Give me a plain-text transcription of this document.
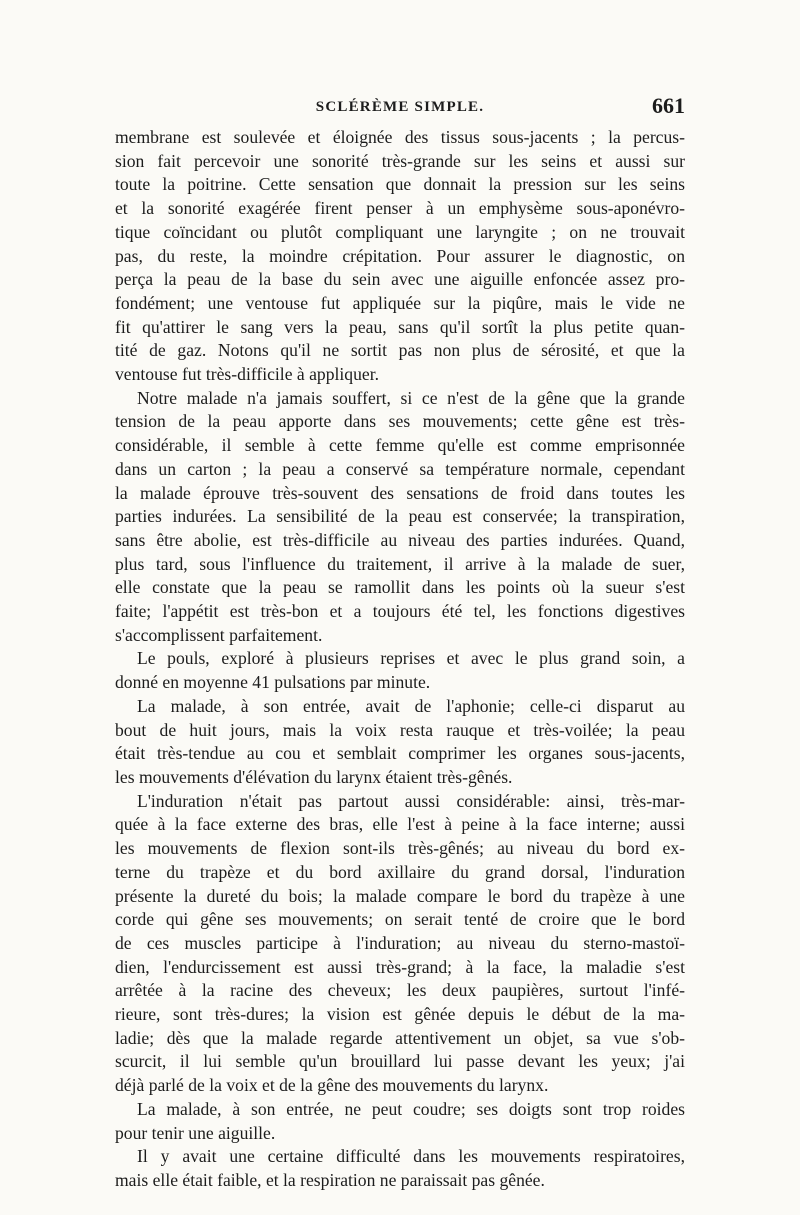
SCLÉRÈME SIMPLE.	661
membrane est soulevée et éloignée des tissus sous-jacents ; la percus-
sion fait percevoir une sonorité très-grande sur les seins et aussi sur
toute la poitrine. Cette sensation que donnait la pression sur les seins
et la sonorité exagérée firent penser à un emphysème sous-aponévro-
tique coïncidant ou plutôt compliquant une laryngite ; on ne trouvait
pas, du reste, la moindre crépitation. Pour assurer le diagnostic, on
perça la peau de la base du sein avec une aiguille enfoncée assez pro-
fondément; une ventouse fut appliquée sur la piqûre, mais le vide ne
fit qu'attirer le sang vers la peau, sans qu'il sortît la plus petite quan-
tité de gaz. Notons qu'il ne sortit pas non plus de sérosité, et que la
ventouse fut très-difficile à appliquer.
Notre malade n'a jamais souffert, si ce n'est de la gêne que la grande
tension de la peau apporte dans ses mouvements; cette gêne est très-
considérable, il semble à cette femme qu'elle est comme emprisonnée
dans un carton ; la peau a conservé sa température normale, cependant
la malade éprouve très-souvent des sensations de froid dans toutes les
parties indurées. La sensibilité de la peau est conservée; la transpiration,
sans être abolie, est très-difficile au niveau des parties indurées. Quand,
plus tard, sous l'influence du traitement, il arrive à la malade de suer,
elle constate que la peau se ramollit dans les points où la sueur s'est
faite; l'appétit est très-bon et a toujours été tel, les fonctions digestives
s'accomplissent parfaitement.
Le pouls, exploré à plusieurs reprises et avec le plus grand soin, a
donné en moyenne 41 pulsations par minute.
La malade, à son entrée, avait de l'aphonie; celle-ci disparut au
bout de huit jours, mais la voix resta rauque et très-voilée; la peau
était très-tendue au cou et semblait comprimer les organes sous-jacents,
les mouvements d'élévation du larynx étaient très-gênés.
L'induration n'était pas partout aussi considérable: ainsi, très-mar-
quée à la face externe des bras, elle l'est à peine à la face interne; aussi
les mouvements de flexion sont-ils très-gênés; au niveau du bord ex-
terne du trapèze et du bord axillaire du grand dorsal, l'induration
présente la dureté du bois; la malade compare le bord du trapèze à une
corde qui gêne ses mouvements; on serait tenté de croire que le bord
de ces muscles participe à l'induration; au niveau du sterno-mastoï-
dien, l'endurcissement est aussi très-grand; à la face, la maladie s'est
arrêtée à la racine des cheveux; les deux paupières, surtout l'infé-
rieure, sont très-dures; la vision est gênée depuis le début de la ma-
ladie; dès que la malade regarde attentivement un objet, sa vue s'ob-
scurcit, il lui semble qu'un brouillard lui passe devant les yeux; j'ai
déjà parlé de la voix et de la gêne des mouvements du larynx.
La malade, à son entrée, ne peut coudre; ses doigts sont trop roides
pour tenir une aiguille.
Il y avait une certaine difficulté dans les mouvements respiratoires,
mais elle était faible, et la respiration ne paraissait pas gênée.
